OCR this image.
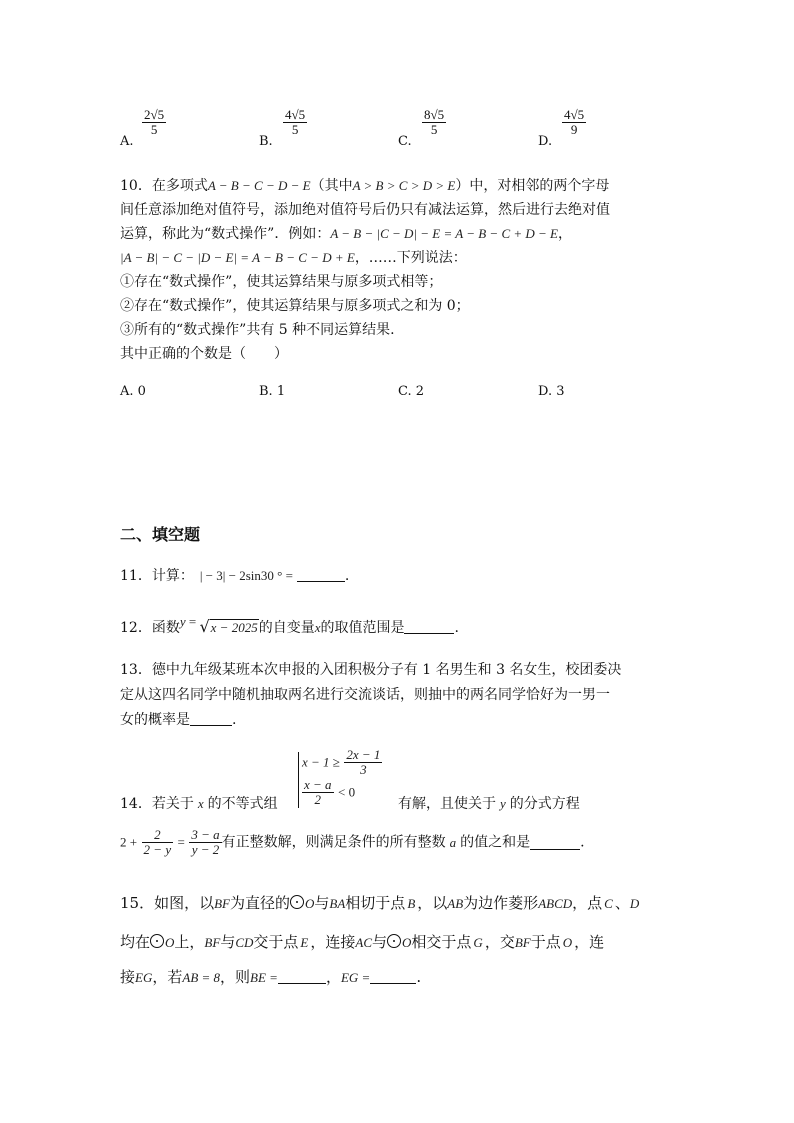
A.
$\frac{2√5}{5}$
B.
$\frac{4√5}{5}$
C.
$\frac{8√5}{5}$
D.
$\frac{4√5}{9}$
10．在多项式A − B − C − D − E（其中A > B > C > D > E）中，对相邻的两个字母
间任意添加绝对值符号，添加绝对值符号后仍只有减法运算，然后进行去绝对值
运算，称此为“数式操作”．例如：A − B − |C − D| − E = A − B − C + D − E，
|A − B| − C − |D − E| = A − B − C − D + E，……下列说法：
①存在“数式操作”，使其运算结果与原多项式相等；
②存在“数式操作”，使其运算结果与原多项式之和为 0；
③所有的“数式操作”共有 5 种不同运算结果.
其中正确的个数是（　　）
A. 0	B. 1	C. 2	D. 3
二、填空题
11．计算： | − 3| − 2sin30 ° =	.
12．函数y = √x − 2025的自变量x的取值范围是	.
13．德中九年级某班本次申报的入团积极分子有 1 名男生和 3 名女生，校团委决
定从这四名同学中随机抽取两名进行交流谈话，则抽中的两名同学恰好为一男一
女的概率是	.
$x - 1 \ge \frac{2x - 1}{3}$
$\frac{x - a}{2} < 0$
14．若关于 x 的不等式组	有解，且使关于 y 的分式方程
$2 + \frac{2}{2 - y} = \frac{3 - a}{y - 2}$ 有正整数解，则满足条件的所有整数 a 的值之和是	.
15．如图，以BF为直径的 O与BA相切于点 B ，以AB为边作菱形ABCD，点 C 、D
均在 O上，BF与CD交于点 E ，连接AC与 O相交于点 G ，交BF于点 O ，连
接EG，若AB = 8，则BE =	，EG =	.
